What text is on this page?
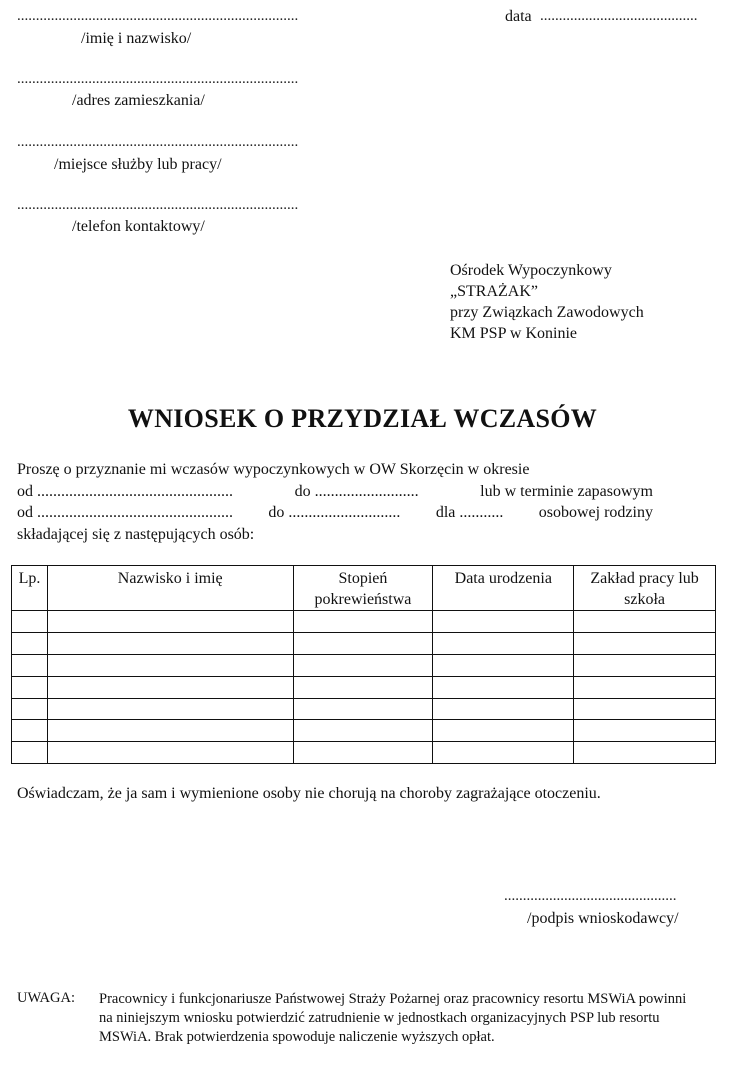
...........................................................................
/imię i nazwisko/
data ..........................................
...........................................................................
/adres zamieszkania/
...........................................................................
/miejsce służby lub pracy/
...........................................................................
/telefon kontaktowy/
Ośrodek Wypoczynkowy
„STRAŻAK”
przy Związkach Zawodowych
KM PSP w Koninie
WNIOSEK O PRZYDZIAŁ WCZASÓW
Proszę o przyznanie mi wczasów wypoczynkowych w OW Skorzęcin w okresie
od .................................................	do ..........................	lub w terminie zapasowym
od ................................................. do ............................ dla ........... osobowej rodziny
składającej się z następujących osób:
Lp.	Nazwisko i imię	Stopień pokrewieństwa	Data urodzenia	Zakład pracy lub szkoła

Oświadczam, że ja sam i wymienione osoby nie chorują na choroby zagrażające otoczeniu.
..............................................
/podpis wnioskodawcy/
UWAGA: Pracownicy i funkcjonariusze Państwowej Straży Pożarnej oraz pracownicy resortu MSWiA powinni na niniejszym wniosku potwierdzić zatrudnienie w jednostkach organizacyjnych PSP lub resortu MSWiA. Brak potwierdzenia spowoduje naliczenie wyższych opłat.
